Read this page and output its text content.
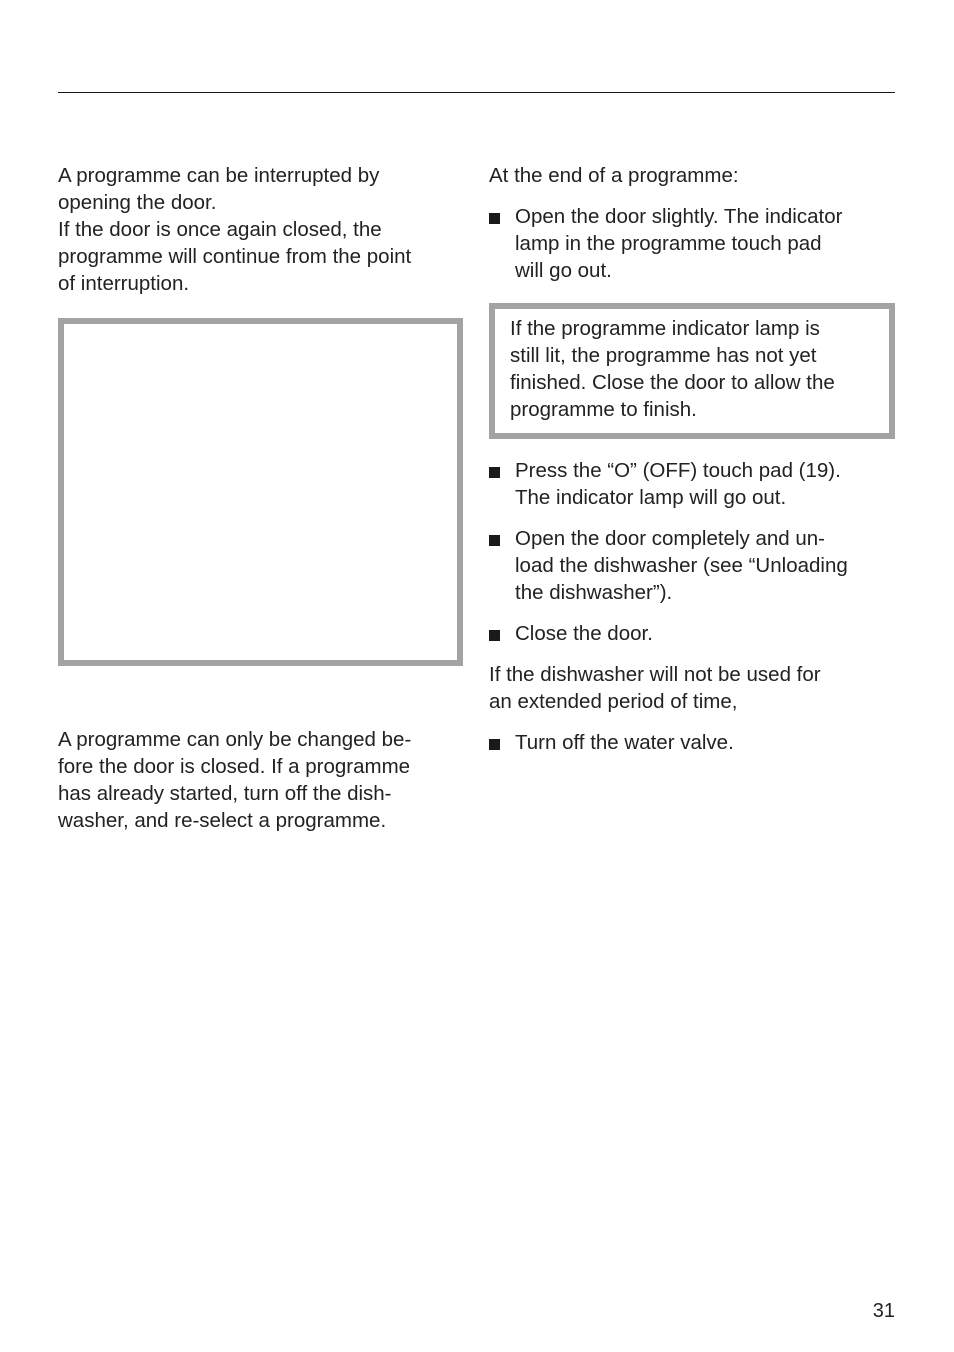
A programme can be interrupted by
opening the door.
If the door is once again closed, the
programme will continue from the point
of interruption.

A programme can only be changed be-
fore the door is closed. If a programme
has already started, turn off the dish-
washer, and re-select a programme.

At the end of a programme:

Open the door slightly. The indicator
lamp in the programme touch pad
will go out.
If the programme indicator lamp is
still lit, the programme has not yet
finished. Close the door to allow the
programme to finish.
Press the “O” (OFF) touch pad (19).
The indicator lamp will go out.
Open the door completely and un-
load the dishwasher (see “Unloading
the dishwasher”).
Close the door.

If the dishwasher will not be used for
an extended period of time,

Turn off the water valve.
31
